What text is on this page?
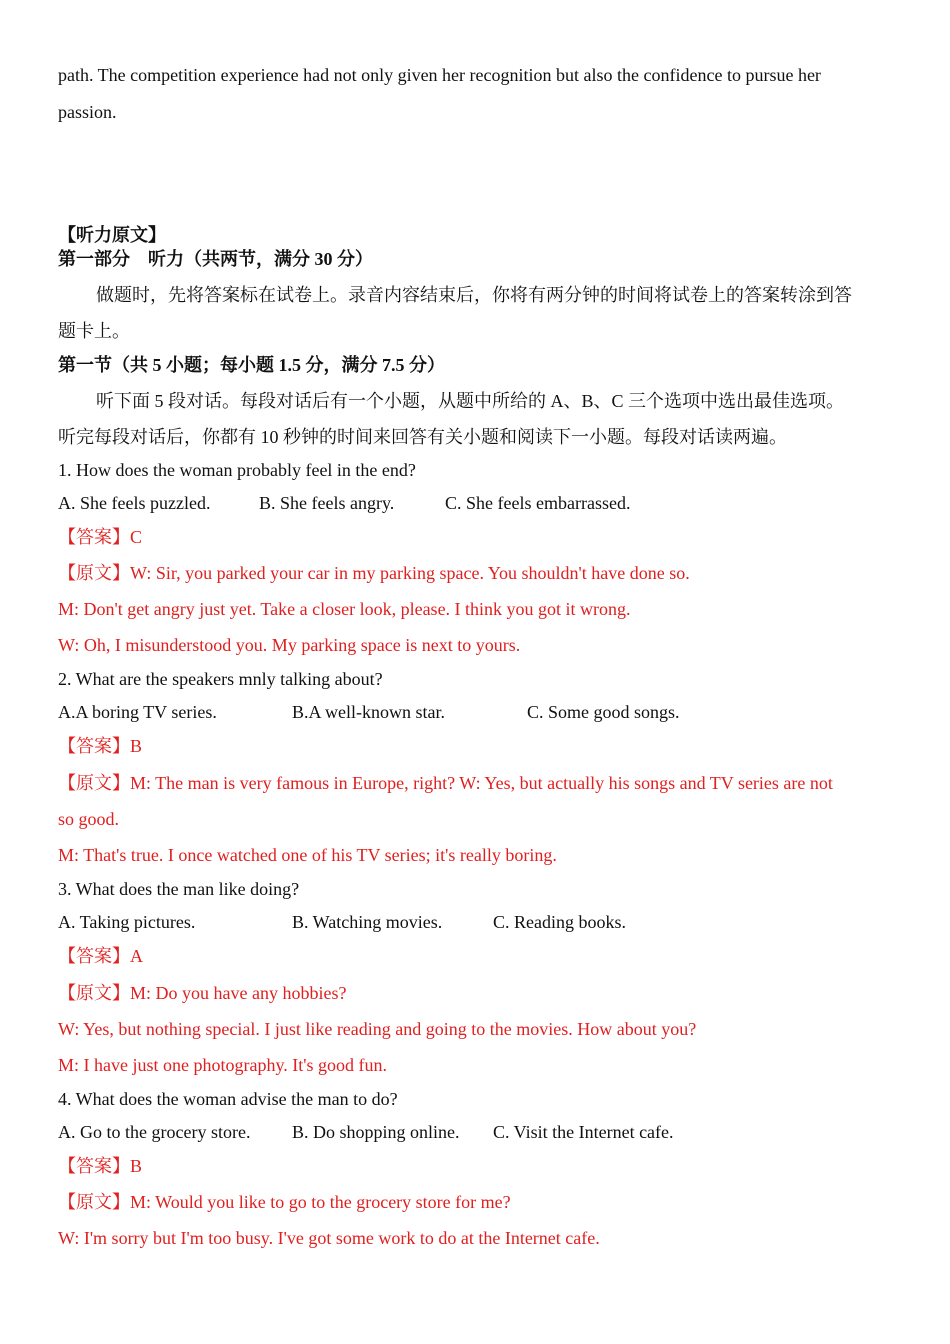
path. The competition experience had not only given her recognition but also the confidence to pursue her
passion.
【听力原文】
第一部分　听力（共两节，满分 30 分）
做题时，先将答案标在试卷上。录音内容结束后，你将有两分钟的时间将试卷上的答案转涂到答
题卡上。
第一节（共 5 小题；每小题 1.5 分，满分 7.5 分）
听下面 5 段对话。每段对话后有一个小题，从题中所给的 A、B、C 三个选项中选出最佳选项。
听完每段对话后，你都有 10 秒钟的时间来回答有关小题和阅读下一小题。每段对话读两遍。
1. How does the woman probably feel in the end?
A. She feels puzzled.	B. She feels angry.	C. She feels embarrassed.
【答案】C
【原文】W: Sir, you parked your car in my parking space. You shouldn't have done so.
M: Don't get angry just yet. Take a closer look, please. I think you got it wrong.
W: Oh, I misunderstood you. My parking space is next to yours.
2. What are the speakers mnly talking about?
A.A boring TV series.	B.A well-known star.	C. Some good songs.
【答案】B
【原文】M: The man is very famous in Europe, right? W: Yes, but actually his songs and TV series are not
so good.
M: That's true. I once watched one of his TV series; it's really boring.
3. What does the man like doing?
A. Taking pictures.	B. Watching movies.	C. Reading books.
【答案】A
【原文】M: Do you have any hobbies?
W: Yes, but nothing special. I just like reading and going to the movies. How about you?
M: I have just one photography. It's good fun.
4. What does the woman advise the man to do?
A. Go to the grocery store. B. Do shopping online. C. Visit the Internet cafe.
【答案】B
【原文】M: Would you like to go to the grocery store for me?
W: I'm sorry but I'm too busy. I've got some work to do at the Internet cafe.
